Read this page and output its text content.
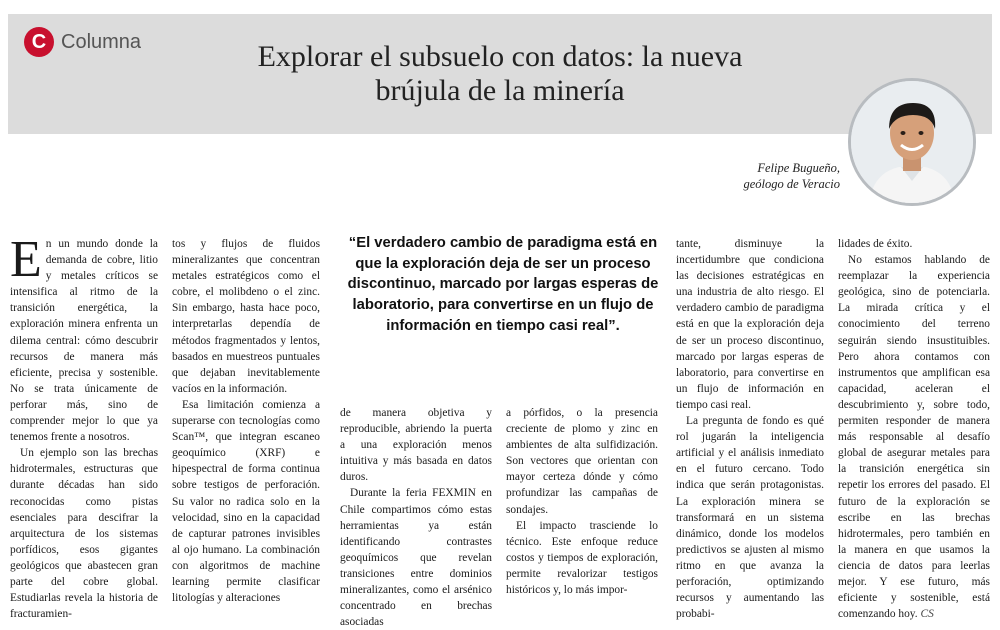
C Columna	Explorar el subsuelo con datos: la nueva brújula de la minería
Felipe Bugueño,
geólogo de Veracio

En un mundo donde la demanda de cobre, litio y metales críticos se intensifica al ritmo de la transición energética, la exploración minera enfrenta un dilema central: cómo descubrir recursos de manera más eficiente, precisa y sostenible. No se trata únicamente de perforar más, sino de comprender mejor lo que ya tenemos frente a nosotros.

Un ejemplo son las brechas hidrotermales, estructuras que durante décadas han sido reconocidas como pistas esenciales para descifrar la arquitectura de los sistemas porfídicos, esos gigantes geológicos que abastecen gran parte del cobre global. Estudiarlas revela la historia de fracturamien-

tos y flujos de fluidos mineralizantes que concentran metales estratégicos como el cobre, el molibdeno o el zinc. Sin embargo, hasta hace poco, interpretarlas dependía de métodos fragmentados y lentos, basados en muestreos puntuales que dejaban inevitablemente vacíos en la información.

Esa limitación comienza a superarse con tecnologías como Scan™, que integran escaneo geoquímico (XRF) e hipespectral de forma continua sobre testigos de perforación. Su valor no radica solo en la velocidad, sino en la capacidad de capturar patrones invisibles al ojo humano. La combinación con algoritmos de machine learning permite clasificar litologías y alteraciones

“El verdadero cambio de paradigma está en que la exploración deja de ser un proceso discontinuo, marcado por largas esperas de laboratorio, para convertirse en un flujo de información en tiempo casi real”.

de manera objetiva y reproducible, abriendo la puerta a una exploración menos intuitiva y más basada en datos duros.

Durante la feria FEXMIN en Chile compartimos cómo estas herramientas ya están identificando contrastes geoquímicos que revelan transiciones entre dominios mineralizantes, como el arsénico concentrado en brechas asociadas

a pórfidos, o la presencia creciente de plomo y zinc en ambientes de alta sulfidización. Son vectores que orientan con mayor certeza dónde y cómo profundizar las campañas de sondajes.

El impacto trasciende lo técnico. Este enfoque reduce costos y tiempos de exploración, permite revalorizar testigos históricos y, lo más impor-

tante, disminuye la incertidumbre que condiciona las decisiones estratégicas en una industria de alto riesgo. El verdadero cambio de paradigma está en que la exploración deja de ser un proceso discontinuo, marcado por largas esperas de laboratorio, para convertirse en un flujo de información en tiempo casi real.

La pregunta de fondo es qué rol jugarán la inteligencia artificial y el análisis inmediato en el futuro cercano. Todo indica que serán protagonistas. La exploración minera se transformará en un sistema dinámico, donde los modelos predictivos se ajusten al mismo ritmo en que avanza la perforación, optimizando recursos y aumentando las probabi-

lidades de éxito.

No estamos hablando de reemplazar la experiencia geológica, sino de potenciarla. La mirada crítica y el conocimiento del terreno seguirán siendo insustituibles. Pero ahora contamos con instrumentos que amplifican esa capacidad, aceleran el descubrimiento y, sobre todo, permiten responder de manera más responsable al desafío global de asegurar metales para la transición energética sin repetir los errores del pasado. El futuro de la exploración se escribe en las brechas hidrotermales, pero también en la manera en que usamos la ciencia de datos para leerlas mejor. Y ese futuro, más eficiente y sostenible, está comenzando hoy. CS
